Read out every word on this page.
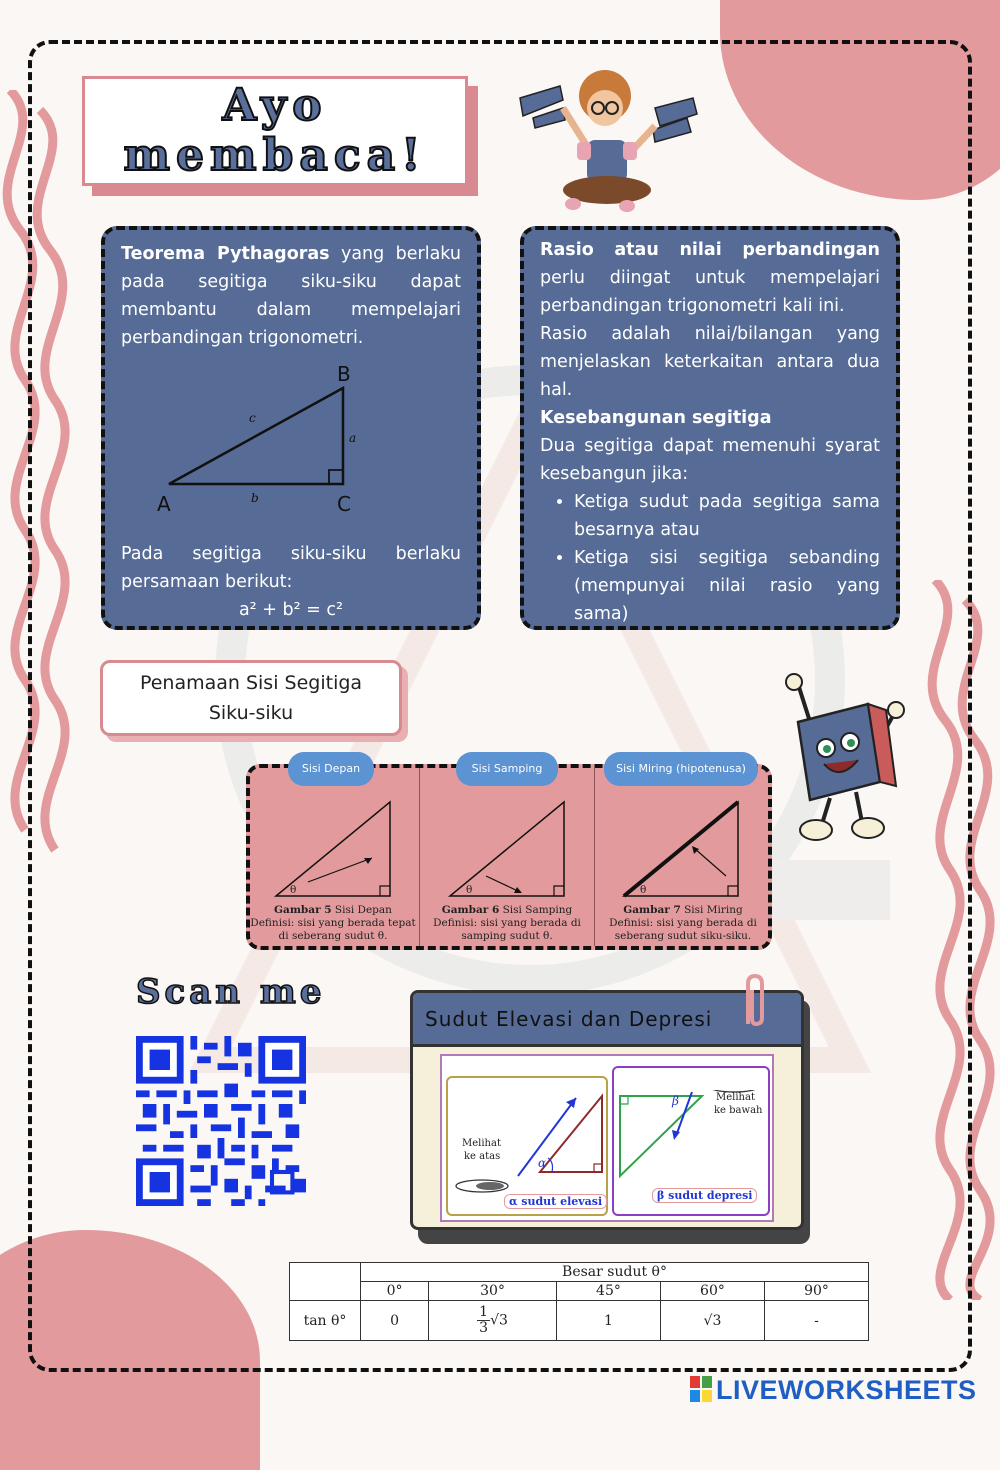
Ayo
membaca!

Teorema Pythagoras yang berlaku pada segitiga siku-siku dapat membantu dalam mempelajari perbandingan trigonometri.

B
A	C
c
a
b

Pada segitiga siku-siku berlaku persamaan berikut:

a² + b² = c²

Rasio atau nilai perbandingan perlu diingat untuk mempelajari perbandingan trigonometri kali ini.

Rasio adalah nilai/bilangan yang menjelaskan keterkaitan antara dua hal.

Kesebangunan segitiga

Dua segitiga dapat memenuhi syarat kesebangun jika:

• Ketiga sudut pada segitiga sama besarnya atau
• Ketiga sisi segitiga sebanding (mempunyai nilai rasio yang sama)
Penamaan Sisi Segitiga
Siku-siku
Sisi Depan	Sisi Samping	Sisi Miring (hipotenusa)
θ	θ	θ
Gambar 5 Sisi Depan
Definisi: sisi yang berada tepat
di seberang sudut θ.
Gambar 6 Sisi Samping
Definisi: sisi yang berada di
samping sudut θ.
Gambar 7 Sisi Miring
Definisi: sisi yang berada di
seberang sudut siku-siku.
Scan me
Sudut Elevasi dan Depresi
Melihat
ke atas	α
α sudut elevasi
β	Melihat
ke bawah
β sudut depresi
	Besar sudut θ°				
	0°	30°	45°	60°	90°
tan θ°	0	$\frac{1}{3} √3$	1	√3	-
LIVEWORKSHEETS
